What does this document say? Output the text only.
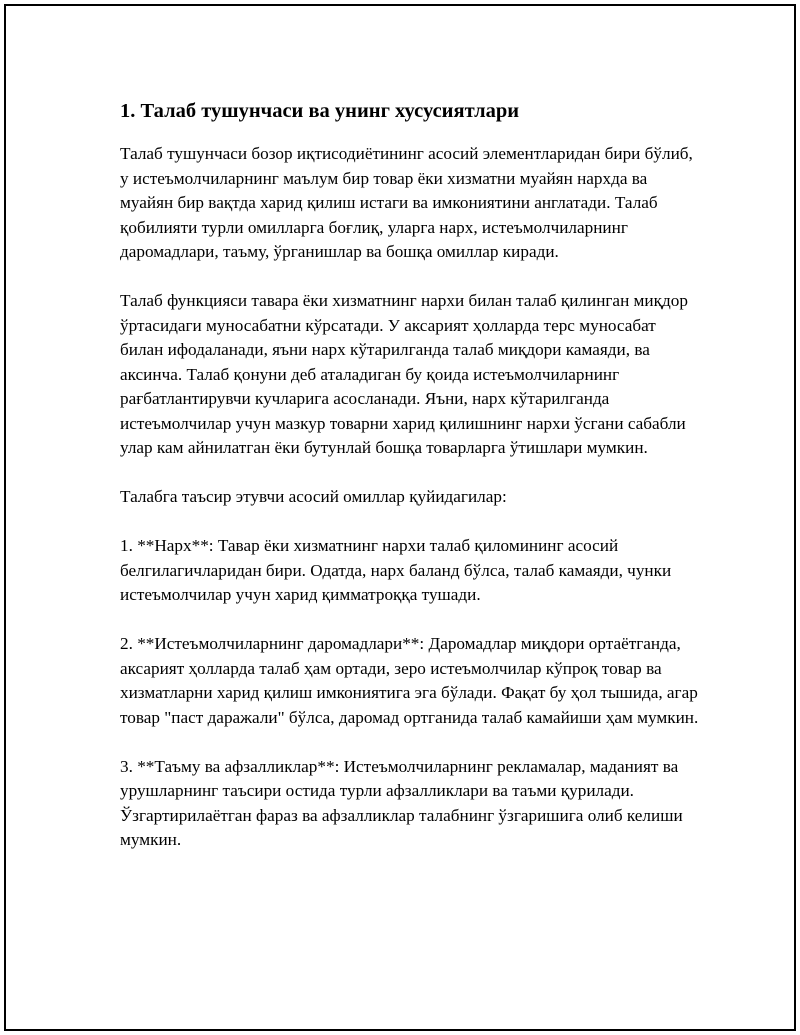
1. Талаб тушунчаси ва унинг хусусиятлари

Талаб тушунчаси бозор иқтисодиётининг асосий элементларидан бири бўлиб, у истеъмолчиларнинг маълум бир товар ёки хизматни муайян нархда ва муайян бир вақтда харид қилиш истаги ва имкониятини англатади. Талаб қобилияти турли омилларга боғлиқ, уларга нарх, истеъмолчиларнинг даромадлари, таъму, ўрганишлар ва бошқа омиллар киради.

Талаб функцияси тавара ёки хизматнинг нархи билан талаб қилинган миқдор ўртасидаги муносабатни кўрсатади. У аксарият ҳолларда терс муносабат билан ифодаланади, яъни нарх кўтарилганда талаб миқдори камаяди, ва аксинча. Талаб қонуни деб аталадиган бу қоида истеъмолчиларнинг рағбатлантирувчи кучларига асосланади. Яъни, нарх кўтарилганда истеъмолчилар учун мазкур товарни харид қилишнинг нархи ўсгани сабабли улар кам айнилатган ёки бутунлай бошқа товарларга ўтишлари мумкин.

Талабга таъсир этувчи асосий омиллар қуйидагилар:

1. **Нарх**: Тавар ёки хизматнинг нархи талаб қиломининг асосий белгилагичларидан бири. Одатда, нарх баланд бўлса, талаб камаяди, чунки истеъмолчилар учун харид қимматроққа тушади.

2. **Истеъмолчиларнинг даромадлари**: Даромадлар миқдори ортаётганда, аксарият ҳолларда талаб ҳам ортади, зеро истеъмолчилар кўпроқ товар ва хизматларни харид қилиш имкониятига эга бўлади. Фақат бу ҳол тышида, агар товар "паст даражали" бўлса, даромад ортганида талаб камайиши ҳам мумкин.

3. **Таъму ва афзалликлар**: Истеъмолчиларнинг рекламалар, маданият ва урушларнинг таъсири остида турли афзалликлари ва таъми қурилади. Ўзгартирилаётган фараз ва афзалликлар талабнинг ўзгаришига олиб келиши мумкин.
